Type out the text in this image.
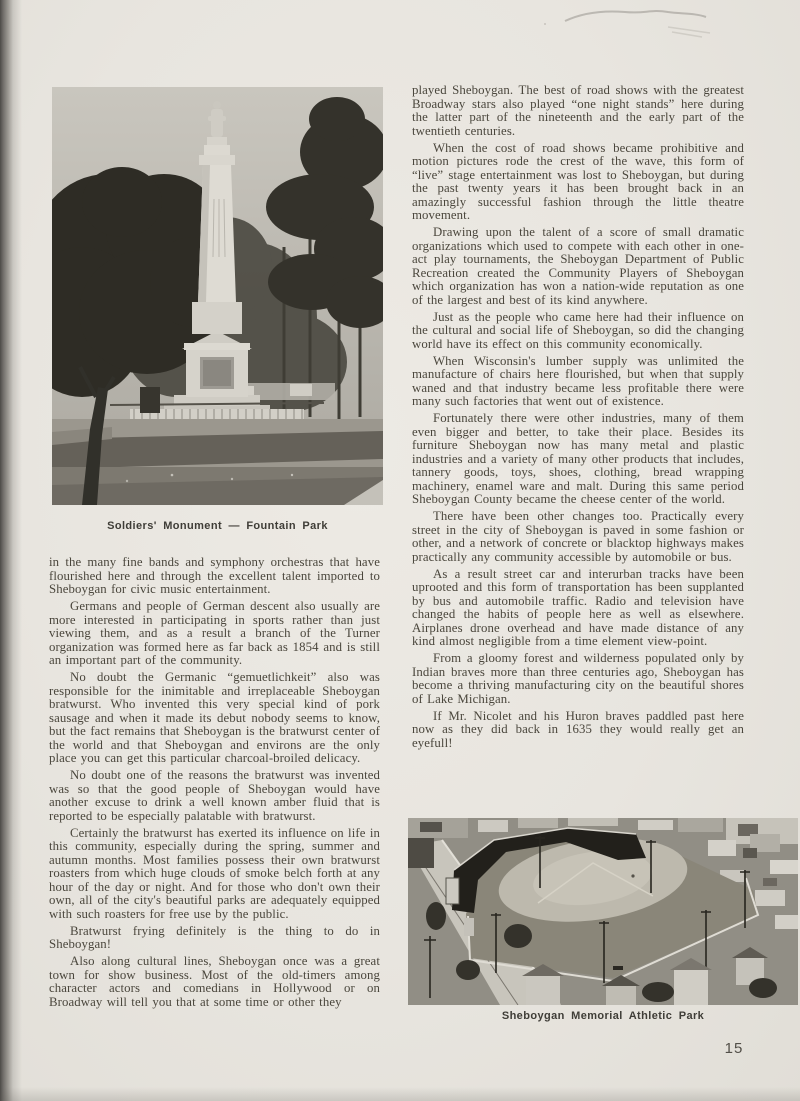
Soldiers' Monument — Fountain Park

in the many fine bands and symphony orchestras that have flourished here and through the excellent talent imported to Sheboygan for civic music entertainment.

Germans and people of German descent also usually are more interested in participating in sports rather than just viewing them, and as a result a branch of the Turner organization was formed here as far back as 1854 and is still an important part of the community.

No doubt the Germanic “gemuetlichkeit” also was responsible for the inimitable and irreplaceable Sheboygan bratwurst. Who invented this very special kind of pork sausage and when it made its debut nobody seems to know, but the fact remains that Sheboygan is the bratwurst center of the world and that Sheboygan and environs are the only place you can get this particular charcoal-broiled delicacy.

No doubt one of the reasons the bratwurst was invented was so that the good people of Sheboygan would have another excuse to drink a well known amber fluid that is reported to be especially palatable with bratwurst.

Certainly the bratwurst has exerted its influence on life in this community, especially during the spring, summer and autumn months. Most families possess their own bratwurst roasters from which huge clouds of smoke belch forth at any hour of the day or night. And for those who don't own their own, all of the city's beautiful parks are adequately equipped with such roasters for free use by the public.

Bratwurst frying definitely is the thing to do in Sheboygan!

Also along cultural lines, Sheboygan once was a great town for show business. Most of the old-timers among character actors and comedians in Hollywood or on Broadway will tell you that at some time or other they

played Sheboygan. The best of road shows with the greatest Broadway stars also played “one night stands” here during the latter part of the nineteenth and the early part of the twentieth centuries.

When the cost of road shows became prohibitive and motion pictures rode the crest of the wave, this form of “live” stage entertainment was lost to Sheboygan, but during the past twenty years it has been brought back in an amazingly successful fashion through the little theatre movement.

Drawing upon the talent of a score of small dramatic organizations which used to compete with each other in one-act play tournaments, the Sheboygan Department of Public Recreation created the Community Players of Sheboygan which organization has won a nation-wide reputation as one of the largest and best of its kind anywhere.

Just as the people who came here had their influence on the cultural and social life of Sheboygan, so did the changing world have its effect on this community economically.

When Wisconsin's lumber supply was unlimited the manufacture of chairs here flourished, but when that supply waned and that industry became less profitable there were many such factories that went out of existence.

Fortunately there were other industries, many of them even bigger and better, to take their place. Besides its furniture Sheboygan now has many metal and plastic industries and a variety of many other products that includes, tannery goods, toys, shoes, clothing, bread wrapping machinery, enamel ware and malt. During this same period Sheboygan County became the cheese center of the world.

There have been other changes too. Practically every street in the city of Sheboygan is paved in some fashion or other, and a network of concrete or blacktop highways makes practically any community accessible by automobile or bus.

As a result street car and interurban tracks have been uprooted and this form of transportation has been supplanted by bus and automobile traffic. Radio and television have changed the habits of people here as well as elsewhere. Airplanes drone overhead and have made distance of any kind almost negligible from a time element view-point.

From a gloomy forest and wilderness populated only by Indian braves more than three centuries ago, Sheboygan has become a thriving manufacturing city on the beautiful shores of Lake Michigan.

If Mr. Nicolet and his Huron braves paddled past here now as they did back in 1635 they would really get an eyefull!

Sheboygan Memorial Athletic Park
15
